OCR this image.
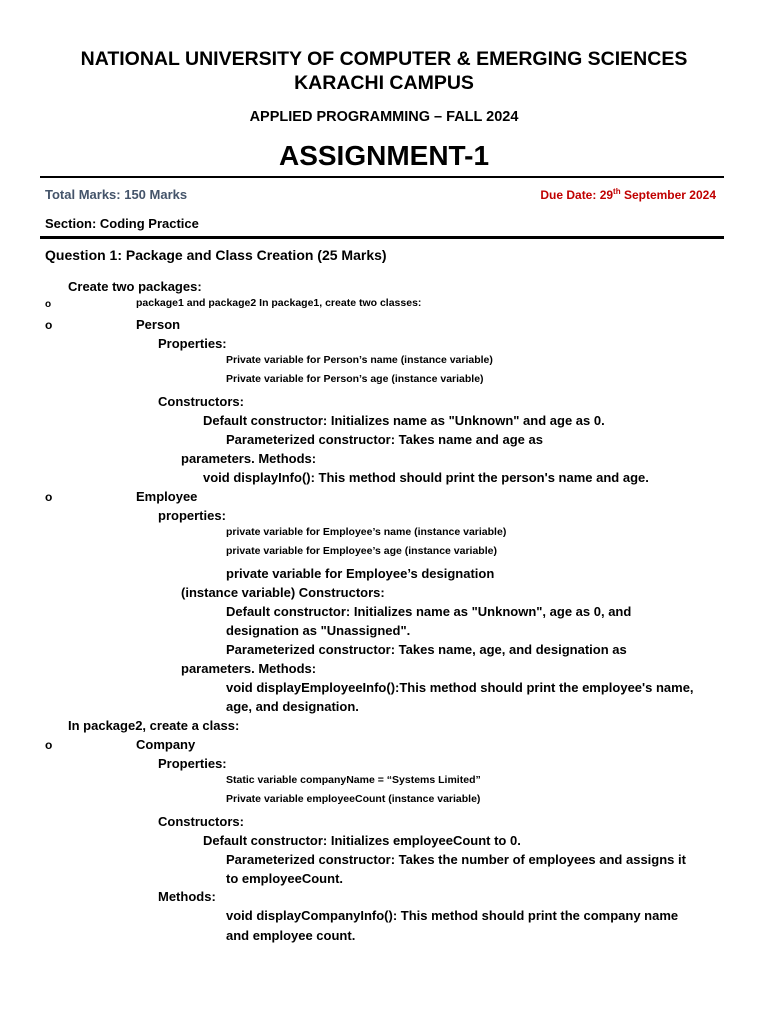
NATIONAL UNIVERSITY OF COMPUTER & EMERGING SCIENCES
KARACHI CAMPUS
APPLIED PROGRAMMING – FALL 2024
ASSIGNMENT-1
Total Marks: 150 Marks	Due Date: 29th September 2024
Section: Coding Practice
Question 1: Package and Class Creation (25 Marks)
Create two packages:
o	package1 and package2 In package1, create two classes:
o	Person
Properties:
Private variable for Person’s name (instance variable)
Private variable for Person’s age (instance variable)
Constructors:
Default constructor: Initializes name as "Unknown" and age as 0.
Parameterized constructor: Takes name and age as
parameters. Methods:
void displayInfo(): This method should print the person's name and age.
o	Employee
properties:
private variable for Employee’s name (instance variable)
private variable for Employee’s age (instance variable)
private variable for Employee’s designation
(instance variable) Constructors:
Default constructor: Initializes name as "Unknown", age as 0, and
designation as "Unassigned".
Parameterized constructor: Takes name, age, and designation as
parameters. Methods:
void displayEmployeeInfo():This method should print the employee's name,
age, and designation.
In package2, create a class:
o	Company
Properties:
Static variable companyName = “Systems Limited”
Private variable employeeCount (instance variable)
Constructors:
Default constructor: Initializes employeeCount to 0.
Parameterized constructor: Takes the number of employees and assigns it
to employeeCount.
Methods:
void displayCompanyInfo(): This method should print the company name
and employee count.
